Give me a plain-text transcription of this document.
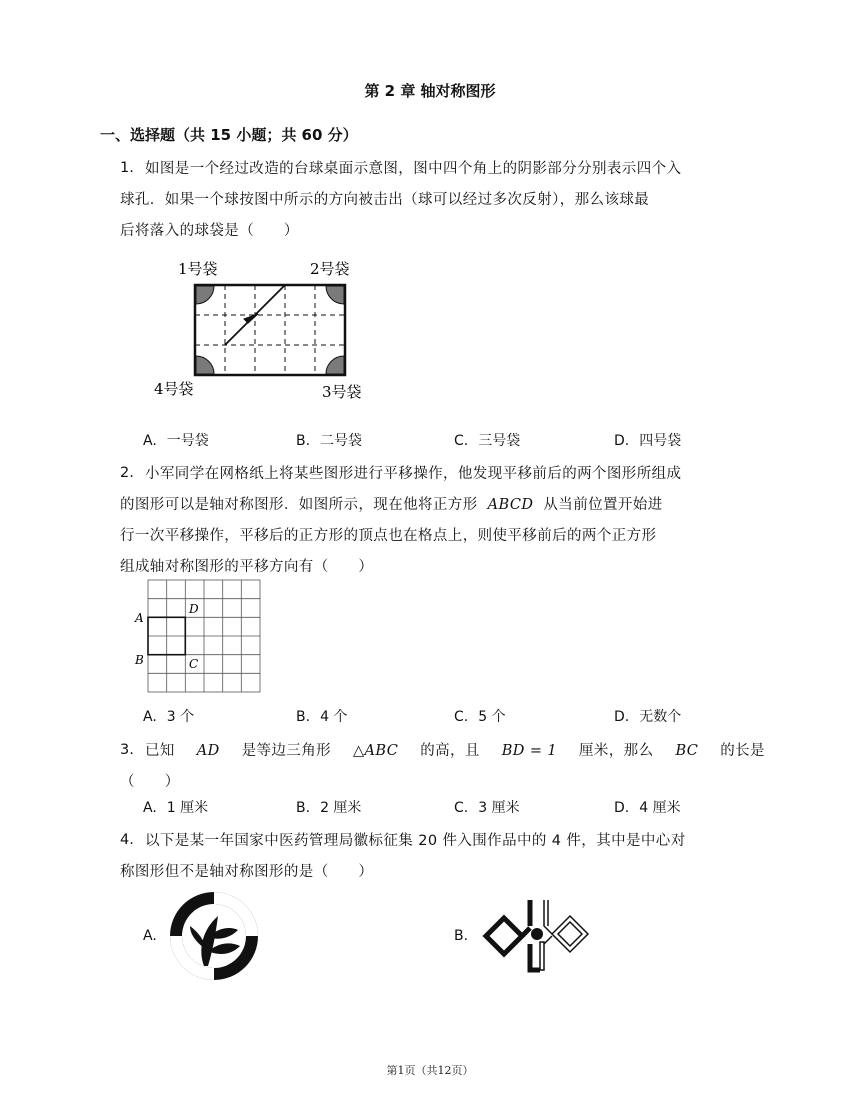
第 2 章 轴对称图形
一、选择题（共 15 小题；共 60 分）
1. 如图是一个经过改造的台球桌面示意图，图中四个角上的阴影部分分别表示四个入
球孔．如果一个球按图中所示的方向被击出（球可以经过多次反射），那么该球最
后将落入的球袋是（　　）
1号袋	2号袋
3号袋
4号袋
A. 一号袋	B. 二号袋	C. 三号袋	D. 四号袋
2. 小军同学在网格纸上将某些图形进行平移操作，他发现平移前后的两个图形所组成
的图形可以是轴对称图形．如图所示，现在他将正方形 ABCD 从当前位置开始进
行一次平移操作，平移后的正方形的顶点也在格点上，则使平移前后的两个正方形
组成轴对称图形的平移方向有（　　）
A
B	C
D
A. 3 个	B. 4 个	C. 5 个	D. 无数个
3. 已知 AD 是等边三角形 △ABC 的高，且 BD = 1 厘米，那么 BC 的长是
（　　）
A. 1 厘米	B. 2 厘米	C. 3 厘米	D. 4 厘米
4. 以下是某一年国家中医药管理局徽标征集 20 件入围作品中的 4 件，其中是中心对
称图形但不是轴对称图形的是（　　）
A.	B.
第1页（共12页）
